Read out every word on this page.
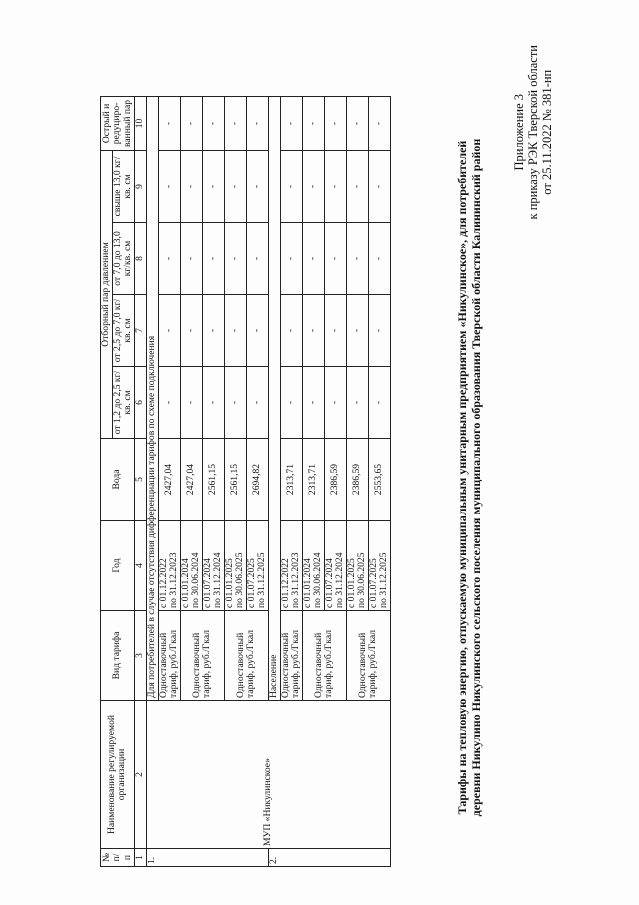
Приложение 3 к приказу РЭК Тверской области от 25.11.2022 № 381-нп
Тарифы на тепловую энергию, отпускаемую муниципальным унитарным предприятием «Никулинское», для потребителей деревни Никулино Никулинского сельского поселения муниципального образования Тверской области Калининский район
№ п/ п	Наименование регулируемой организации	Вид тарифа	Год	Вода	Отборный пар давлением				Острый и редуциро-ванный пар
					от 1,2 до 2,5 кг/кв. см	от 2,5 до 7,0 кг/кв. см	от 7,0 до 13,0 кг/кв. см	свыше 13,0 кг/кв. см	
1	2	3	4	5	6	7	8	9	10
1.	МУП «Никулинское»	Для потребителей в случае отсутствия дифференциации тарифов по схеме подключения							
		Одноставочный тариф, руб./Гкал	с 01.12.2022 по 31.12.2023	2427,04	-	-	-	-	-
		Одноставочный тариф, руб./Гкал	с 01.01.2024 по 30.06.2024	2427,04	-	-	-	-	-

			с 01.07.2024 по 31.12.2024	2561,15	-	-	-	-	-
		Одноставочный тариф, руб./Гкал	с 01.01.2025 по 30.06.2025	2561,15	-	-	-	-	-

			с 01.07.2025 по 31.12.2025	2694,82	-	-	-	-	-
2.		Население							
		Одноставочный тариф, руб./Гкал	с 01.12.2022 по 31.12.2023	2313,71	-	-	-	-	-
		Одноставочный тариф, руб./Гкал	с 01.01.2024 по 30.06.2024	2313,71	-	-	-	-	-

			с 01.07.2024 по 31.12.2024	2386,59	-	-	-	-	-
		Одноставочный тариф, руб./Гкал	с 01.01.2025 по 30.06.2025	2386,59	-	-	-	-	-

			с 01.07.2025 по 31.12.2025	2553,65	-	-	-	-	-
